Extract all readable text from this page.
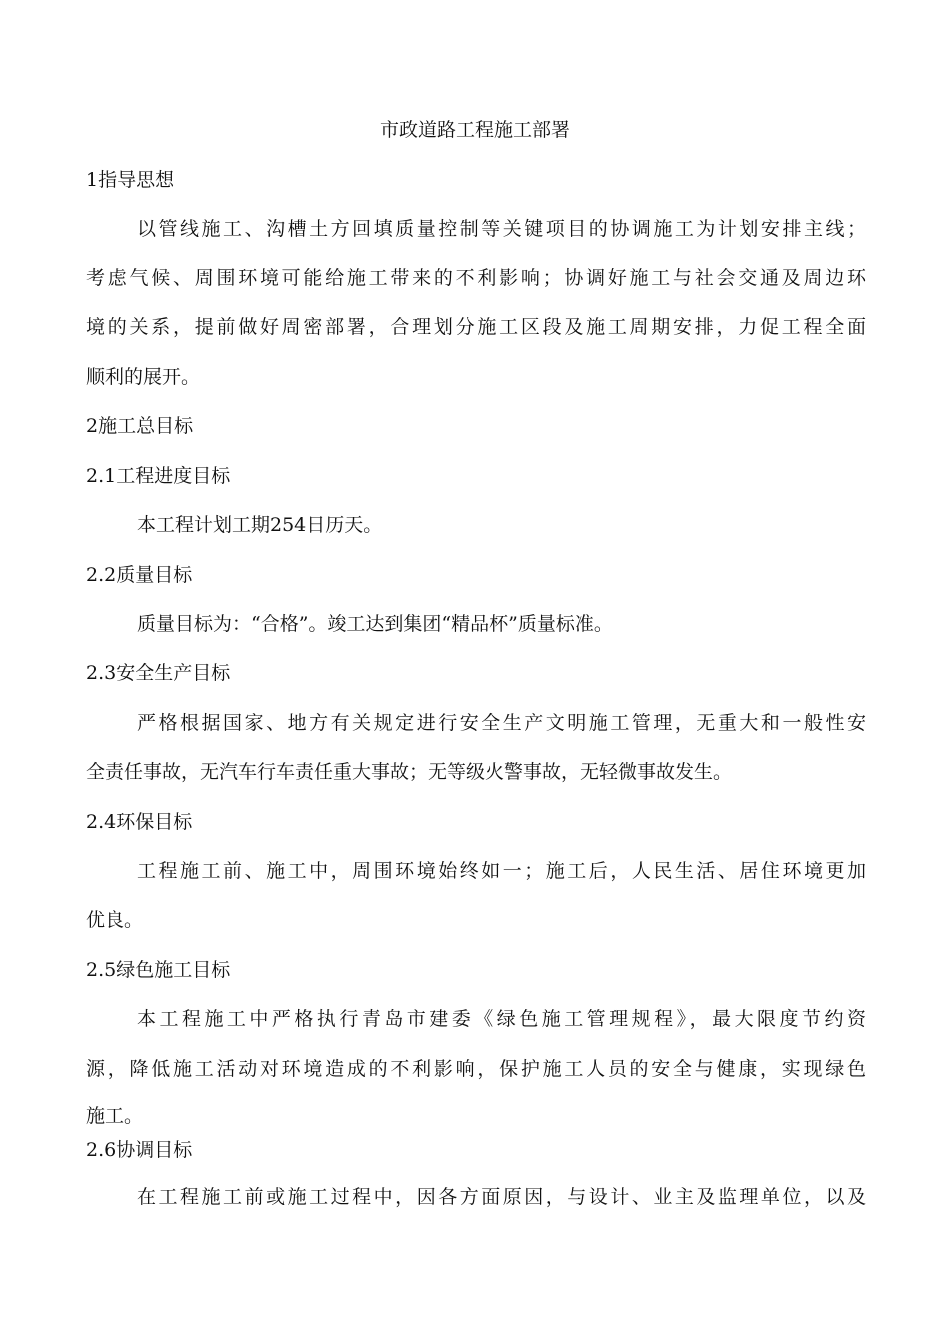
市政道路工程施工部署
1指导思想
以管线施工、沟槽土方回填质量控制等关键项目的协调施工为计划安排主线；
考虑气候、周围环境可能给施工带来的不利影响；协调好施工与社会交通及周边环
境的关系，提前做好周密部署，合理划分施工区段及施工周期安排，力促工程全面
顺利的展开。
2施工总目标
2.1工程进度目标
本工程计划工期254日历天。
2.2质量目标
质量目标为：“合格”。竣工达到集团“精品杯”质量标准。
2.3安全生产目标
严格根据国家、地方有关规定进行安全生产文明施工管理，无重大和一般性安
全责任事故，无汽车行车责任重大事故；无等级火警事故，无轻微事故发生。
2.4环保目标
工程施工前、施工中，周围环境始终如一；施工后，人民生活、居住环境更加
优良。
2.5绿色施工目标
本工程施工中严格执行青岛市建委《绿色施工管理规程》，最大限度节约资
源，降低施工活动对环境造成的不利影响，保护施工人员的安全与健康，实现绿色
施工。
2.6协调目标
在工程施工前或施工过程中，因各方面原因，与设计、业主及监理单位，以及
